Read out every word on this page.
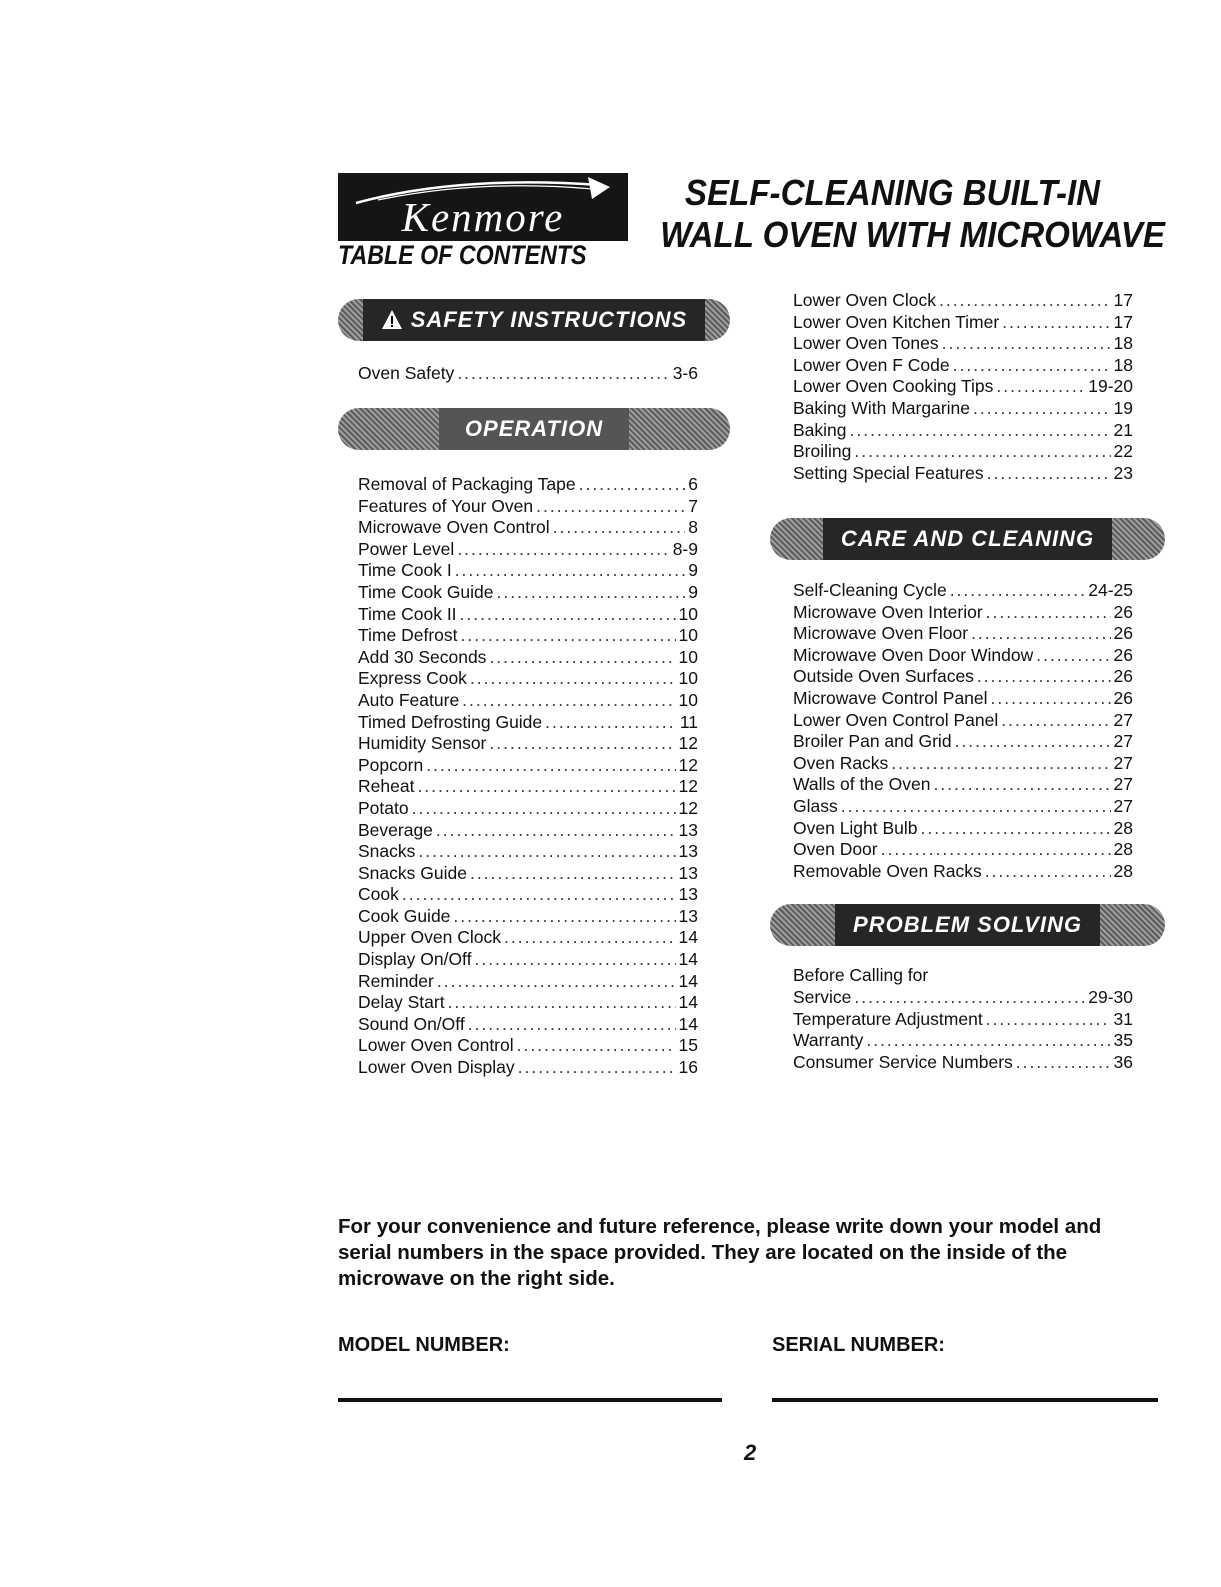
Kenmore
TABLE OF CONTENTS
SELF-CLEANING BUILT-IN
WALL OVEN WITH MICROWAVE
SAFETY INSTRUCTIONS
Oven Safety .....	3-6
OPERATION
Removal of Packaging Tape .....	6
Features of Your Oven .....	7
Microwave Oven Control .....	8
Power Level .....	8-9
Time Cook I .....	9
Time Cook Guide .....	9
Time Cook II .....	10
Time Defrost .....	10
Add 30 Seconds .....	10
Express Cook .....	10
Auto Feature .....	10
Timed Defrosting Guide .....	11
Humidity Sensor .....	12
Popcorn .....	12
Reheat .....	12
Potato .....	12
Beverage .....	13
Snacks .....	13
Snacks Guide .....	13
Cook .....	13
Cook Guide .....	13
Upper Oven Clock .....	14
Display On/Off .....	14
Reminder .....	14
Delay Start .....	14
Sound On/Off .....	14
Lower Oven Control .....	15
Lower Oven Display .....	16
Lower Oven Clock .....	17
Lower Oven Kitchen Timer .....	17
Lower Oven Tones .....	18
Lower Oven F Code .....	18
Lower Oven Cooking Tips .....	19-20
Baking With Margarine .....	19
Baking .....	21
Broiling .....	22
Setting Special Features .....	23
CARE AND CLEANING
Self-Cleaning Cycle .....	24-25
Microwave Oven Interior .....	26
Microwave Oven Floor .....	26
Microwave Oven Door Window .....	26
Outside Oven Surfaces .....	26
Microwave Control Panel .....	26
Lower Oven Control Panel .....	27
Broiler Pan and Grid .....	27
Oven Racks .....	27
Walls of the Oven .....	27
Glass .....	27
Oven Light Bulb .....	28
Oven Door .....	28
Removable Oven Racks .....	28
PROBLEM SOLVING
Before Calling for
Service .....	29-30
Temperature Adjustment .....	31
Warranty .....	35
Consumer Service Numbers .....	36
For your convenience and future reference, please write down your model and serial numbers in the space provided. They are located on the inside of the microwave on the right side.
MODEL NUMBER:	SERIAL NUMBER:
2
